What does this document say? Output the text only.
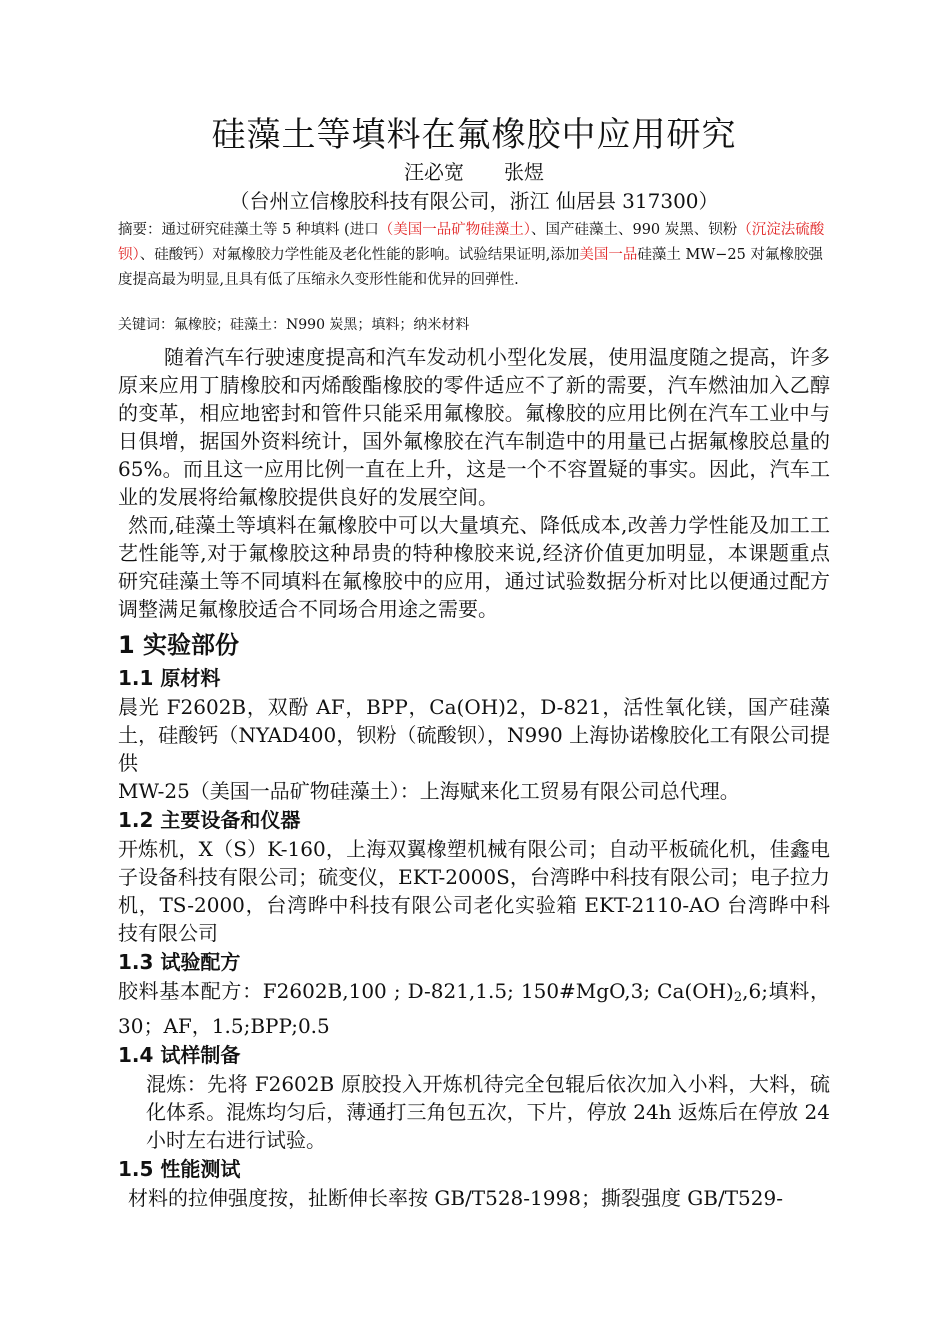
硅藻土等填料在氟橡胶中应用研究
汪必宽　　张煜
（台州立信橡胶科技有限公司，浙江 仙居县 317300）
摘要：通过研究硅藻土等 5 种填料 (进口（美国一品矿物硅藻土）、国产硅藻土、990 炭黑、钡粉（沉淀法硫酸钡）、硅酸钙）对氟橡胶力学性能及老化性能的影响。试验结果证明,添加美国一品硅藻土 MW−25 对氟橡胶强度提高最为明显,且具有低了压缩永久变形性能和优异的回弹性.
关键词：氟橡胶；硅藻土：N990 炭黑；填料；纳米材料

随着汽车行驶速度提高和汽车发动机小型化发展，使用温度随之提高，许多原来应用丁腈橡胶和丙烯酸酯橡胶的零件适应不了新的需要，汽车燃油加入乙醇的变革，相应地密封和管件只能采用氟橡胶。氟橡胶的应用比例在汽车工业中与日俱增，据国外资料统计，国外氟橡胶在汽车制造中的用量已占据氟橡胶总量的 65%。而且这一应用比例一直在上升，这是一个不容置疑的事实。因此，汽车工业的发展将给氟橡胶提供良好的发展空间。

然而,硅藻土等填料在氟橡胶中可以大量填充、降低成本,改善力学性能及加工工艺性能等,对于氟橡胶这种昂贵的特种橡胶来说,经济价值更加明显，本课题重点研究硅藻土等不同填料在氟橡胶中的应用，通过试验数据分析对比以便通过配方调整满足氟橡胶适合不同场合用途之需要。

1 实验部份
1.1 原材料

晨光 F2602B，双酚 AF，BPP，Ca(OH)2，D-821，活性氧化镁，国产硅藻土，硅酸钙（NYAD400，钡粉（硫酸钡），N990 上海协诺橡胶化工有限公司提供

MW-25（美国一品矿物硅藻土）：上海赋来化工贸易有限公司总代理。

1.2 主要设备和仪器

开炼机，X（S）K-160，上海双翼橡塑机械有限公司；自动平板硫化机，佳鑫电子设备科技有限公司；硫变仪，EKT-2000S，台湾晔中科技有限公司；电子拉力机，TS-2000，台湾晔中科技有限公司老化实验箱 EKT-2110-AO 台湾晔中科技有限公司

1.3 试验配方

胶料基本配方：F2602B,100 ; D-821,1.5; 150#MgO,3; $Ca(OH)_2,6$;填料，30；AF，1.5;BPP;0.5

1.4 试样制备

混炼：先将 F2602B 原胶投入开炼机待完全包辊后依次加入小料，大料，硫化体系。混炼均匀后，薄通打三角包五次，下片，停放 24h 返炼后在停放 24 小时左右进行试验。

1.5 性能测试

材料的拉伸强度按，扯断伸长率按 GB/T528-1998；撕裂强度 GB/T529-
